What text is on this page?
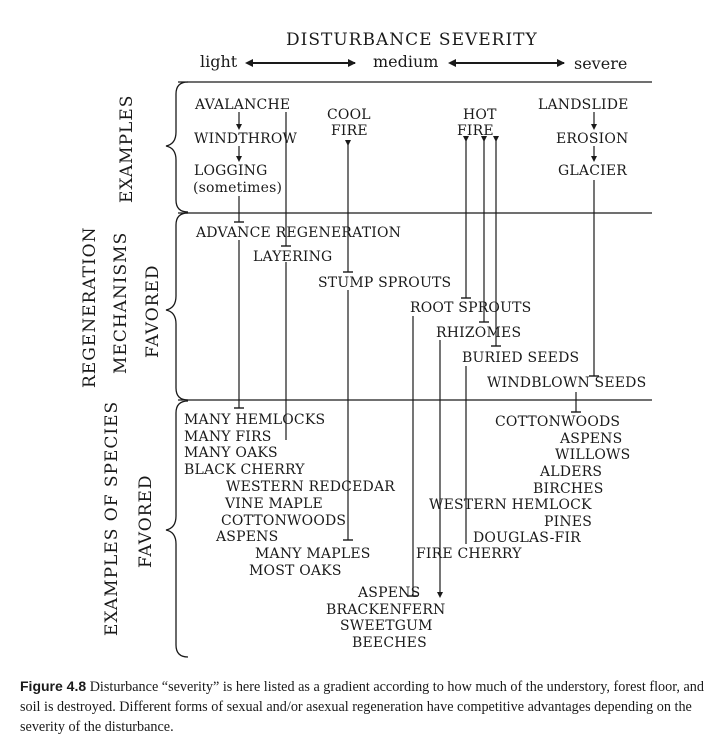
DISTURBANCE SEVERITY
light	medium	severe
EXAMPLES
REGENERATION MECHANISMS FAVORED
EXAMPLES OF SPECIES FAVORED
AVALANCHE
WINDTHROW
LOGGING
(sometimes)
COOL
FIRE
HOT
FIRE
LANDSLIDE
EROSION
GLACIER
ADVANCE REGENERATION
LAYERING
STUMP SPROUTS
ROOT SPROUTS
RHIZOMES
BURIED SEEDS
WINDBLOWN SEEDS
MANY HEMLOCKS
MANY FIRS
MANY OAKS
BLACK CHERRY
WESTERN REDCEDAR
VINE MAPLE
COTTONWOODS
ASPENS
MANY MAPLES
MOST OAKS
ASPENS
BRACKENFERN
SWEETGUM
BEECHES
WESTERN HEMLOCK
DOUGLAS-FIR
FIRE CHERRY
COTTONWOODS
ASPENS
WILLOWS
ALDERS
BIRCHES
PINES
Figure 4.8 Disturbance “severity” is here listed as a gradient according to how much of the understory, forest floor, and soil is destroyed. Different forms of sexual and/or asexual regeneration have competitive advantages depending on the severity of the disturbance.
